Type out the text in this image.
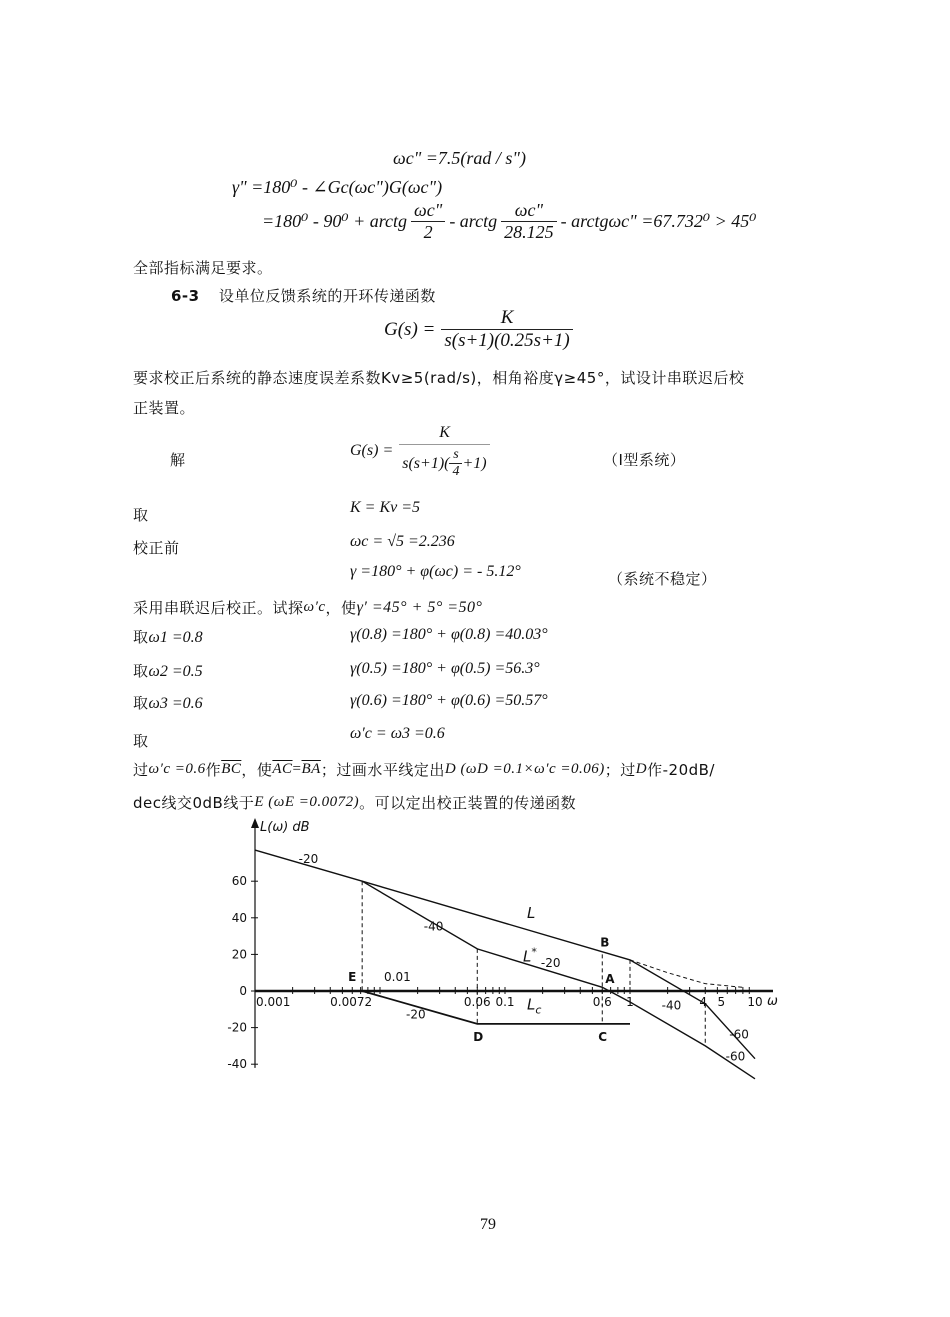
ωc" =7.5(rad / s")
γ" =180⁰ - ∠Gc(ωc")G(ωc")
=180⁰ - 90⁰ + arctg $\frac{\omega c"}{2}$ - arctg $\frac{\omega c"}{28.125}$ - arctgωc" =67.732⁰ > 45⁰
全部指标满足要求。
6-3 设单位反馈系统的开环传递函数
$G(s) = \frac{K}{s(s+1)(0.25s+1)}$
要求校正后系统的静态速度误差系数Kv≥5(rad/s)，相角裕度γ≥45°，试设计串联迟后校
正装置。
解
$G(s) = \frac{K}{s(s+1)( \frac{s}{4} +1)}$	（I型系统）
取	K = Kv =5
校正前	ωc = √5 =2.236
γ =180° + φ(ωc) = - 5.12°	（系统不稳定）
采用串联迟后校正。试探 ω′c ，使 γ′ =45° + 5° =50°
取ω1 =0.8	γ(0.8) =180° + φ(0.8) =40.03°
取ω2 =0.5	γ(0.5) =180° + φ(0.5) =56.3°
取ω3 =0.6	γ(0.6) =180° + φ(0.6) =50.57°
取	ω′c = ω3 =0.6
过 ω′c =0.6 作 $\overline{BC}$ ，使 $\overline{AC} = \overline{BA}$ ；过画水平线定出 D (ωD =0.1×ω′c =0.06) ；过 D 作-20dB/
dec线交0dB线于 E (ωE =0.0072) 。可以定出校正装置的传递函数
L(ω) dB
ω
60
40
20
0
-20
-40
0.001	0.0072	0.06 0.1	0.6 1	4 5 10
0.01
E
D	C
A
B
-20
-40
-20
-20
-40
-60
-60
L
L*
$L_c$
79
